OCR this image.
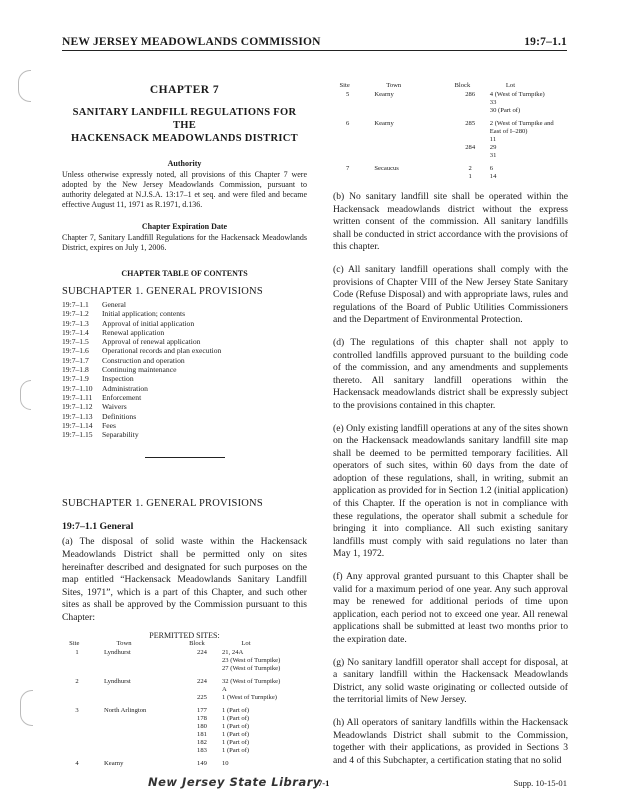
NEW JERSEY MEADOWLANDS COMMISSION	19:7–1.1
CHAPTER 7
SANITARY LANDFILL REGULATIONS FOR THE
HACKENSACK MEADOWLANDS DISTRICT
Authority

Unless otherwise expressly noted, all provisions of this Chapter 7 were adopted by the New Jersey Meadowlands Commission, pursuant to authority delegated at N.J.S.A. 13:17–1 et seq. and were filed and became effective August 11, 1971 as R.1971, d.136.

Chapter Expiration Date

Chapter 7, Sanitary Landfill Regulations for the Hackensack Meadowlands District, expires on July 1, 2006.

CHAPTER TABLE OF CONTENTS
SUBCHAPTER 1. GENERAL PROVISIONS
19:7–1.1	General
19:7–1.2	Initial application; contents
19:7–1.3	Approval of initial application
19:7–1.4	Renewal application
19:7–1.5	Approval of renewal application
19:7–1.6	Operational records and plan execution
19:7–1.7	Construction and operation
19:7–1.8	Continuing maintenance
19:7–1.9	Inspection
19:7–1.10	Administration
19:7–1.11	Enforcement
19:7–1.12	Waivers
19:7–1.13	Definitions
19:7–1.14	Fees
19:7–1.15	Separability
SUBCHAPTER 1. GENERAL PROVISIONS
19:7–1.1 General

(a) The disposal of solid waste within the Hackensack Meadowlands District shall be permitted only on sites hereinafter described and designated for such purposes on the map entitled “Hackensack Meadowlands Sanitary Landfill Sites, 1971”, which is a part of this Chapter, and such other sites as shall be approved by the Commission pursuant to this Chapter:

PERMITTED SITES:
Site	Town	Block	Lot
1	Lyndhurst	224	21, 24A
23 (West of Turnpike)
27 (West of Turnpike)
2	Lyndhurst	224	32 (West of Turnpike)
A
225	1 (West of Turnpike)
3	North Arlington	177	1 (Part of)
178	1 (Part of)
180	1 (Part of)
181	1 (Part of)
182	1 (Part of)
183	1 (Part of)
4	Kearny	149	10
Site	Town	Block	Lot
5	Kearny	286	4 (West of Turnpike)
33
30 (Part of)
6	Kearny	285	2 (West of Turnpike and
East of I–280)
11
284	29
31
7	Secaucus	2	6
1	14

(b) No sanitary landfill site shall be operated within the Hackensack meadowlands district without the express written consent of the commission. All sanitary landfills shall be conducted in strict accordance with the provisions of this chapter.

(c) All sanitary landfill operations shall comply with the provisions of Chapter VIII of the New Jersey State Sanitary Code (Refuse Disposal) and with appropriate laws, rules and regulations of the Board of Public Utilities Commissioners and the Department of Environmental Protection.

(d) The regulations of this chapter shall not apply to controlled landfills approved pursuant to the building code of the commission, and any amendments and supplements thereto. All sanitary landfill operations within the Hackensack meadowlands district shall be expressly subject to the provisions contained in this chapter.

(e) Only existing landfill operations at any of the sites shown on the Hackensack meadowlands sanitary landfill site map shall be deemed to be permitted temporary facilities. All operators of such sites, within 60 days from the date of adoption of these regulations, shall, in writing, submit an application as provided for in Section 1.2 (initial application) of this Chapter. If the operation is not in compliance with these regulations, the operator shall submit a schedule for bringing it into compliance. All such existing sanitary landfills must comply with said regulations no later than May 1, 1972.

(f) Any approval granted pursuant to this Chapter shall be valid for a maximum period of one year. Any such approval may be renewed for additional periods of time upon application, each period not to exceed one year. All renewal applications shall be submitted at least two months prior to the expiration date.

(g) No sanitary landfill operator shall accept for disposal, at a sanitary landfill within the Hackensack Meadowlands District, any solid waste originating or collected outside of the territorial limits of New Jersey.

(h) All operators of sanitary landfills within the Hackensack Meadowlands District shall submit to the Commission, together with their applications, as provided in Sections 3 and 4 of this Subchapter, a certification stating that no solid

New Jersey State Library
7-1	Supp. 10-15-01
